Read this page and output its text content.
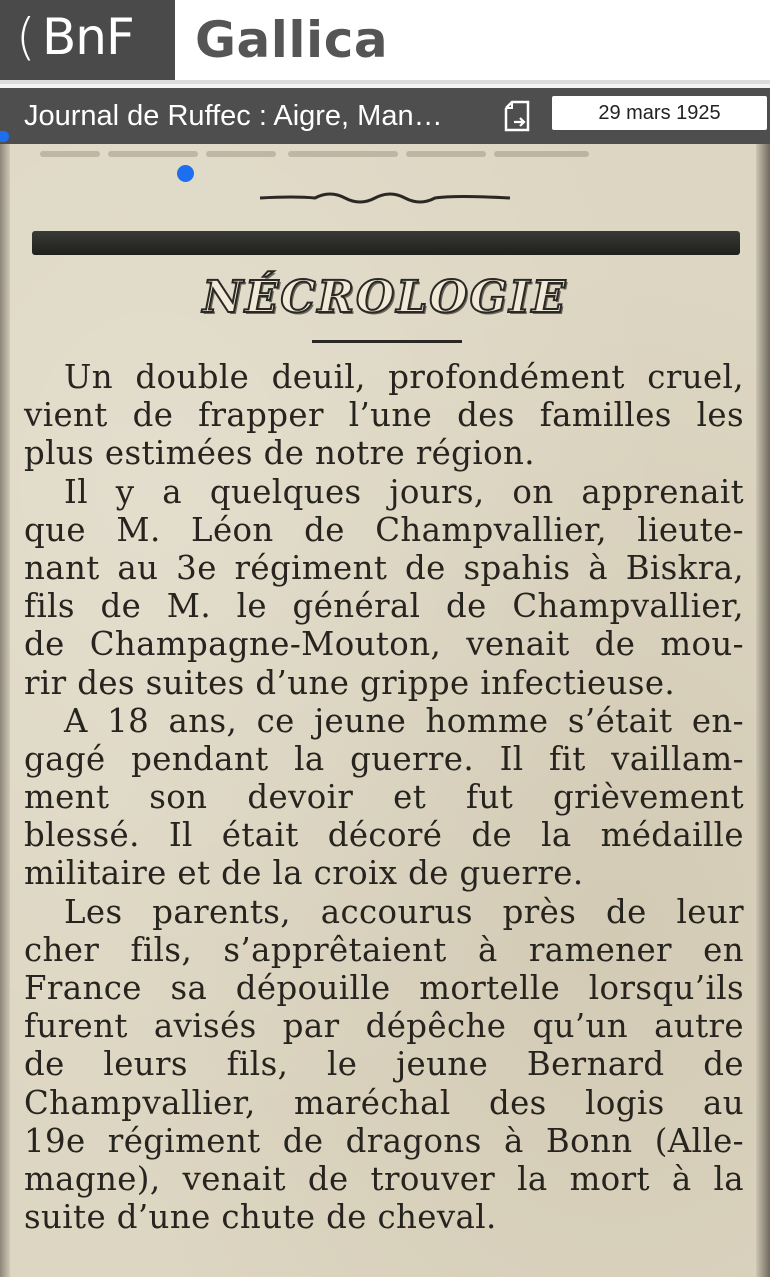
( BnF Gallica
Journal de Ruffec : Aigre, Man…	29 mars 1925

NÉCROLOGIE
Un double deuil, profondément cruel,
vient de frapper l’une des familles les
plus estimées de notre région.
Il y a quelques jours, on apprenait
que M. Léon de Champvallier, lieute-
nant au 3e régiment de spahis à Biskra,
fils de M. le général de Champvallier,
de Champagne-Mouton, venait de mou-
rir des suites d’une grippe infectieuse.
A 18 ans, ce jeune homme s’était en-
gagé pendant la guerre. Il fit vaillam-
ment son devoir et fut grièvement
blessé. Il était décoré de la médaille
militaire et de la croix de guerre.
Les parents, accourus près de leur
cher fils, s’apprêtaient à ramener en
France sa dépouille mortelle lorsqu’ils
furent avisés par dépêche qu’un autre
de leurs fils, le jeune Bernard de
Champvallier, maréchal des logis au
19e régiment de dragons à Bonn (Alle-
magne), venait de trouver la mort à la
suite d’une chute de cheval.
